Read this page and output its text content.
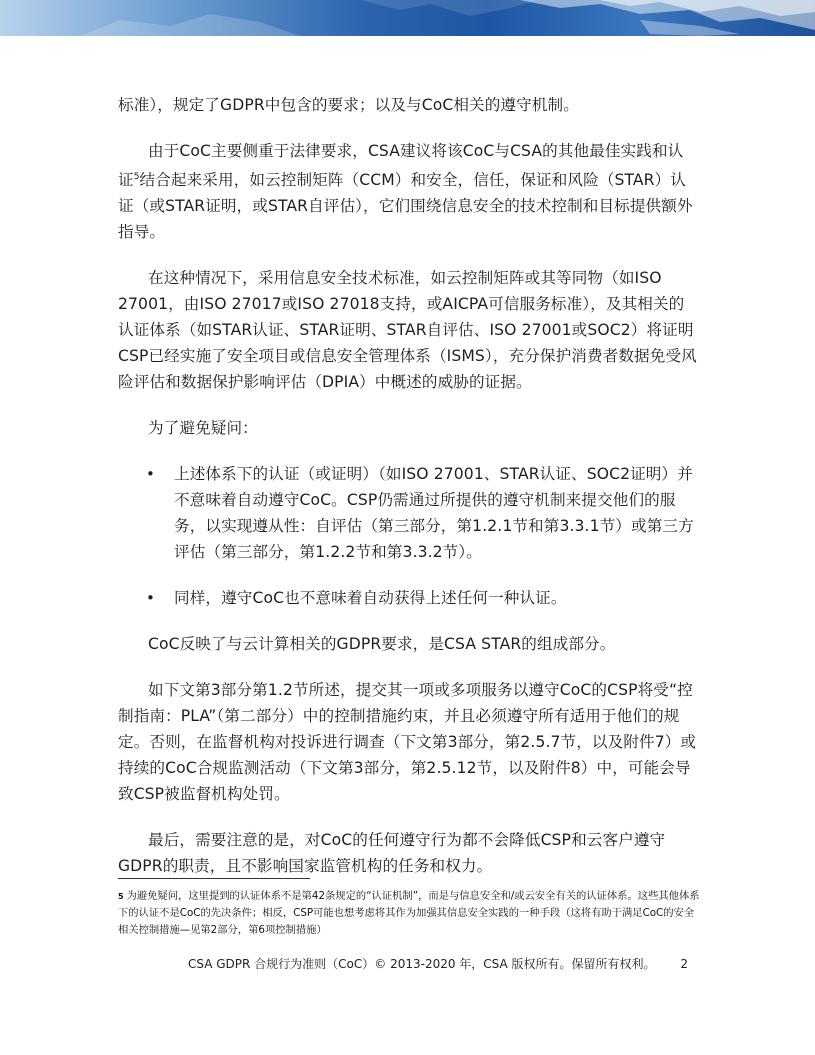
标准），规定了GDPR中包含的要求；以及与CoC相关的遵守机制。

由于CoC主要侧重于法律要求，CSA建议将该CoC与CSA的其他最佳实践和认证$^5$结合起来采用，如云控制矩阵（CCM）和安全，信任，保证和风险（STAR）认证（或STAR证明，或STAR自评估），它们围绕信息安全的技术控制和目标提供额外指导。

在这种情况下，采用信息安全技术标准，如云控制矩阵或其等同物（如ISO 27001，由ISO 27017或ISO 27018支持，或AICPA可信服务标准），及其相关的认证体系（如STAR认证、STAR证明、STAR自评估、ISO 27001或SOC2）将证明CSP已经实施了安全项目或信息安全管理体系（ISMS），充分保护消费者数据免受风险评估和数据保护影响评估（DPIA）中概述的威胁的证据。

为了避免疑问：

• 上述体系下的认证（或证明）（如ISO 27001、STAR认证、SOC2证明）并不意味着自动遵守CoC。CSP仍需通过所提供的遵守机制来提交他们的服务，以实现遵从性：自评估（第三部分，第1.2.1节和第3.3.1节）或第三方评估（第三部分，第1.2.2节和第3.3.2节）。
• 同样，遵守CoC也不意味着自动获得上述任何一种认证。

CoC反映了与云计算相关的GDPR要求，是CSA STAR的组成部分。

如下文第3部分第1.2节所述，提交其一项或多项服务以遵守CoC的CSP将受“控制指南：PLA”（第二部分）中的控制措施约束，并且必须遵守所有适用于他们的规定。否则，在监督机构对投诉进行调查（下文第3部分，第2.5.7节，以及附件7）或持续的CoC合规监测活动（下文第3部分，第2.5.12节，以及附件8）中，可能会导致CSP被监督机构处罚。

最后，需要注意的是，对CoC的任何遵守行为都不会降低CSP和云客户遵守GDPR的职责，且不影响国家监管机构的任务和权力。

$^5$ 为避免疑问，这里提到的认证体系不是第42条规定的“认证机制”，而是与信息安全和/或云安全有关的认证体系。这些其他体系下的认证不是CoC的先决条件；相反，CSP可能也想考虑将其作为加强其信息安全实践的一种手段（这将有助于满足CoC的安全相关控制措施—见第2部分，第6项控制措施）
CSA GDPR 合规行为准则（CoC）© 2013-2020 年，CSA 版权所有。保留所有权利。 2
